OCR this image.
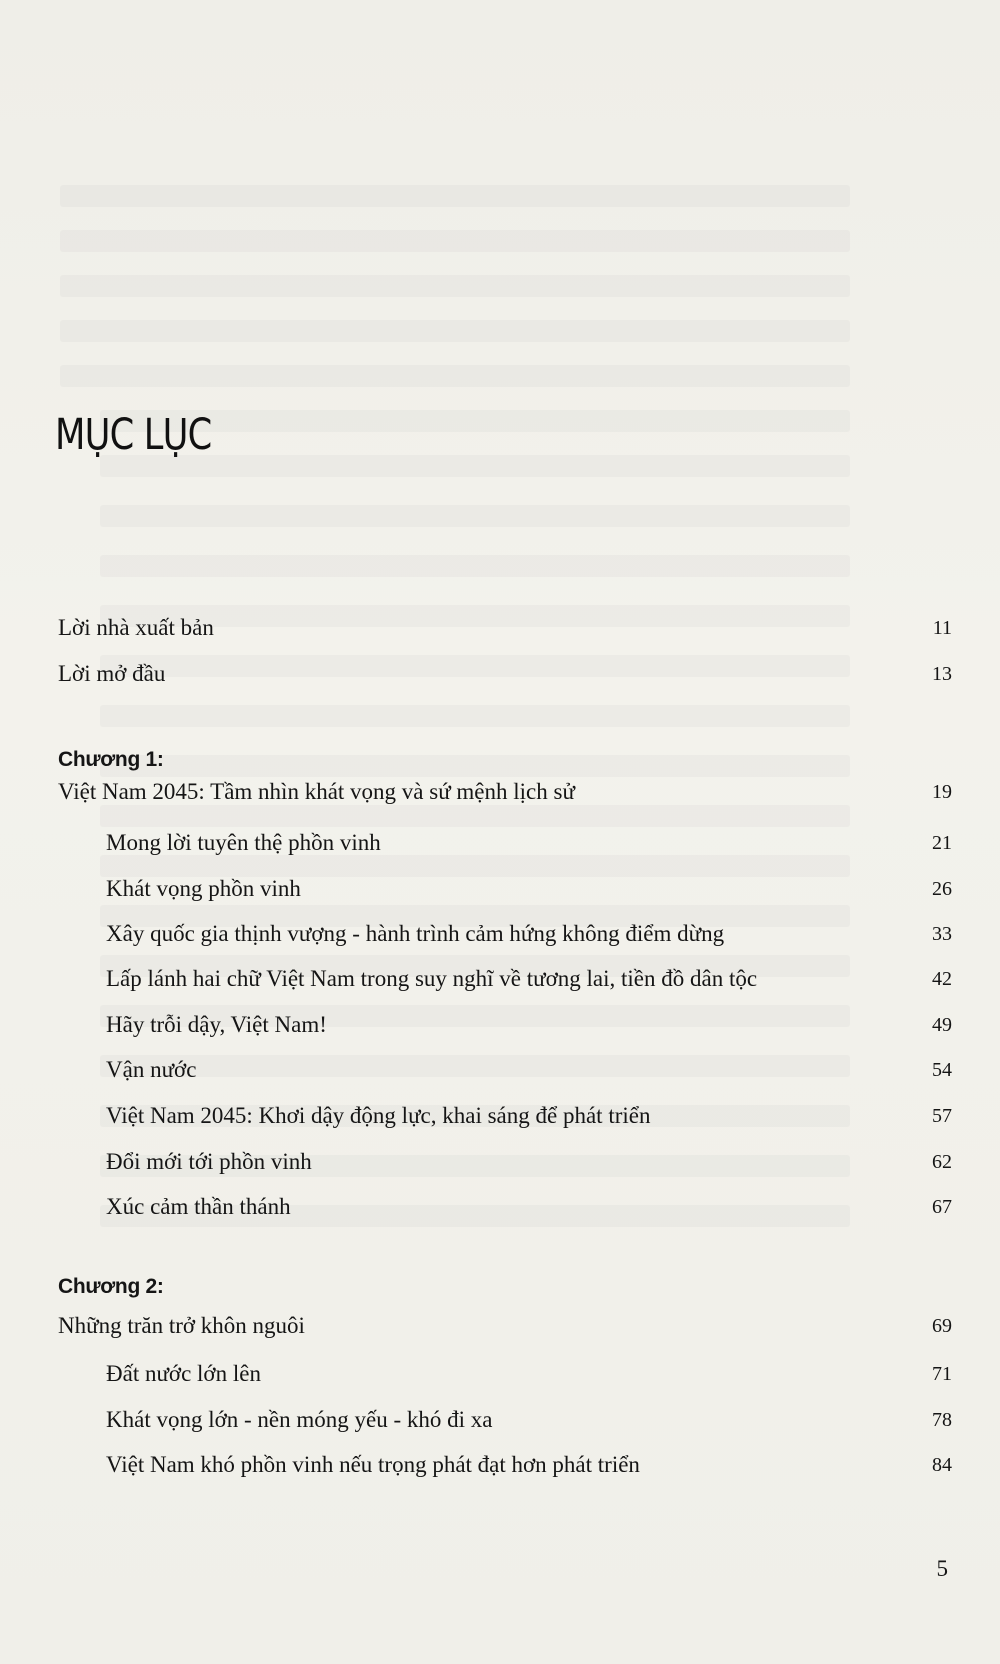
MỤC LỤC
Lời nhà xuất bản	11
Lời mở đầu	13
Chương 1:
Việt Nam 2045: Tầm nhìn khát vọng và sứ mệnh lịch sử	19
Mong lời tuyên thệ phồn vinh	21
Khát vọng phồn vinh	26
Xây quốc gia thịnh vượng - hành trình cảm hứng không điểm dừng	33
Lấp lánh hai chữ Việt Nam trong suy nghĩ về tương lai, tiền đồ dân tộc	42
Hãy trỗi dậy, Việt Nam!	49
Vận nước	54
Việt Nam 2045: Khơi dậy động lực, khai sáng để phát triển	57
Đổi mới tới phồn vinh	62
Xúc cảm thần thánh	67
Chương 2:
Những trăn trở khôn nguôi	69
Đất nước lớn lên	71
Khát vọng lớn - nền móng yếu - khó đi xa	78
Việt Nam khó phồn vinh nếu trọng phát đạt hơn phát triển	84
5
